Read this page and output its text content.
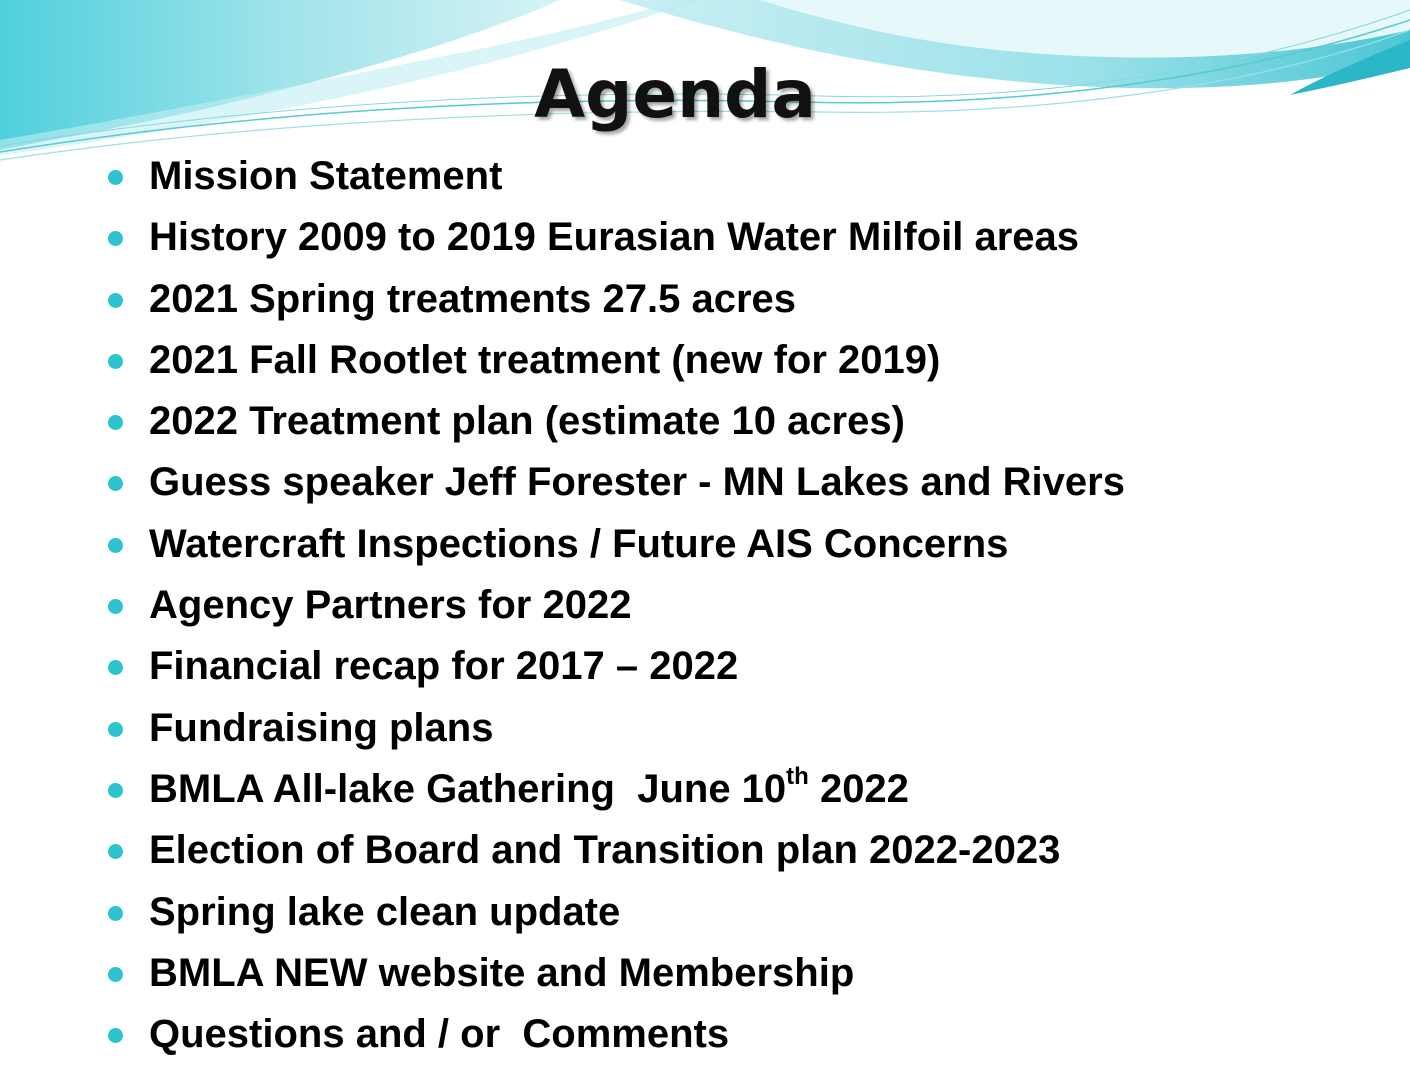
Agenda
Mission Statement
History 2009 to 2019 Eurasian Water Milfoil areas
2021 Spring treatments 27.5 acres
2021 Fall Rootlet treatment (new for 2019)
2022 Treatment plan (estimate 10 acres)
Guess speaker Jeff Forester - MN Lakes and Rivers
Watercraft Inspections / Future AIS Concerns
Agency Partners for 2022
Financial recap for 2017 – 2022
Fundraising plans
BMLA All-lake Gathering  June 10th 2022
Election of Board and Transition plan 2022-2023
Spring lake clean update
BMLA NEW website and Membership
Questions and / or  Comments
